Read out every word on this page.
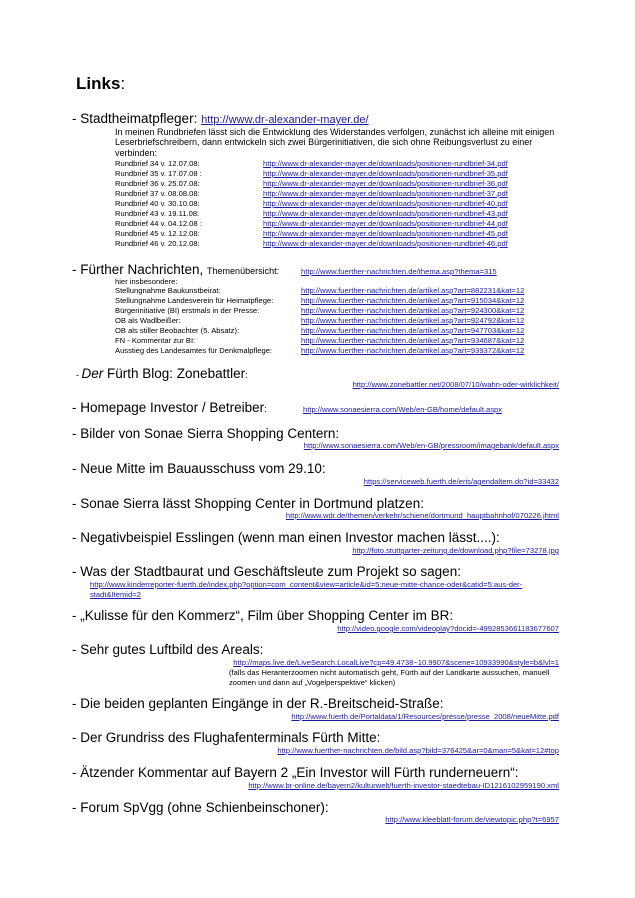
Links:
- Stadtheimatpfleger: http://www.dr-alexander-mayer.de/
In meinen Rundbriefen lässt sich die Entwicklung des Widerstandes verfolgen, zunächst ich alleine mit einigen Leserbriefschreibern, dann entwickeln sich zwei Bürgerinitiativen, die sich ohne Reibungsverlust zu einer verbinden:
Rundbrief 34 v. 12.07.08:	http://www.dr-alexander-mayer.de/downloads/positionen-rundbrief-34.pdf
Rundbrief 35 v. 17.07.08 :	http://www.dr-alexander-mayer.de/downloads/positionen-rundbrief-35.pdf
Rundbrief 36 v. 25.07.08:	http://www.dr-alexander-mayer.de/downloads/positionen-rundbrief-36.pdf
Rundbrief 37 v. 08.08.08:	http://www.dr-alexander-mayer.de/downloads/positionen-rundbrief-37.pdf
Rundbrief 40 v. 30.10.08:	http://www.dr-alexander-mayer.de/downloads/positionen-rundbrief-40.pdf
Rundbrief 43 v. 19.11.08:	http://www.dr-alexander-mayer.de/downloads/positionen-rundbrief-43.pdf
Rundbrief 44 v. 04.12.08 :	http://www.dr-alexander-mayer.de/downloads/positionen-rundbrief-44.pdf
Rundbrief 45 v. 12.12.08:	http://www.dr-alexander-mayer.de/downloads/positionen-rundbrief-45.pdf
Rundbrief 46 v. 20.12.08:	http://www.dr-alexander-mayer.de/downloads/positionen-rundbrief-46.pdf
- Fürther Nachrichten, Themenübersicht:	http://www.fuerther-nachrichten.de/thema.asp?thema=315
hier insbesondere:
Stellungnahme Baukunstbeirat:	http://www.fuerther-nachrichten.de/artikel.asp?art=882231&kat=12
Stellungnahme Landesverein für Heimatpflege:	http://www.fuerther-nachrichten.de/artikel.asp?art=915034&kat=12
Bürgerinitiative (BI) erstmals in der Presse:	http://www.fuerther-nachrichten.de/artikel.asp?art=924300&kat=12
OB als Wadlbeißer:	http://www.fuerther-nachrichten.de/artikel.asp?art=924792&kat=12
OB als stiller Beobachter (5. Absatz):	http://www.fuerther-nachrichten.de/artikel.asp?art=947703&kat=12
FN - Kommentar zur BI:	http://www.fuerther-nachrichten.de/artikel.asp?art=934687&kat=12
Ausstieg des Landesamtes für Denkmalpflege:	http://www.fuerther-nachrichten.de/artikel.asp?art=939372&kat=12
- Der Fürth Blog: Zonebattler:
http://www.zonebattler.net/2008/07/10/wahn-oder-wirklichkeit/
- Homepage Investor / Betreiber:	http://www.sonaesierra.com/Web/en-GB/home/default.aspx
- Bilder von Sonae Sierra Shopping Centern:
http://www.sonaesierra.com/Web/en-GB/pressroom/imagebank/default.aspx
- Neue Mitte im Bauausschuss vom 29.10:
https://serviceweb.fuerth.de/eris/agendaltem.do?id=33432
- Sonae Sierra lässt Shopping Center in Dortmund platzen:
http://www.wdr.de/themen/verkehr/schiene/dortmund_hauptbahnhof/070226.jhtml
- Negativbeispiel Esslingen (wenn man einen Investor machen lässt....):
http://foto.stuttgarter-zeitung.de/download.php?file=73278.jpg
- Was der Stadtbaurat und Geschäftsleute zum Projekt so sagen:
http://www.kinderreporter-fuerth.de/index.php?option=com_content&view=article&id=5:neue-mitte-chance-oder&catid=5:aus-der-stadt&Itemid=2
- „Kulisse für den Kommerz“, Film über Shopping Center im BR:
http://video.google.com/videoplay?docid=-4992853661183677607
- Sehr gutes Luftbild des Areals:
http://maps.live.de/LiveSearch.LocalLive?cp=49.4738~10.9907&scene=10933990&style=b&lvl=1
(falls das Heranterzoomen nicht automatisch geht, Fürth auf der Landkarte aussuchen, manuell zoomen und dann auf „Vogelperspektive“ klicken)
- Die beiden geplanten Eingänge in der R.-Breitscheid-Straße:
http://www.fuerth.de/Portaldata/1/Resources/presse/presse_2008/neueMitte.pdf
- Der Grundriss des Flughafenterminals Fürth Mitte:
http://www.fuerther-nachrichten.de/bild.asp?bild=376425&ar=0&man=5&kat=12#top
- Ätzender Kommentar auf Bayern 2 „Ein Investor will Fürth runderneuern“:
http://www.br-online.de/bayern2/kulturwelt/fuerth-investor-staedtebau-ID1216102959190.xml
- Forum SpVgg (ohne Schienbeinschoner):
http://www.kleeblatt-forum.de/viewtopic.php?t=6957
